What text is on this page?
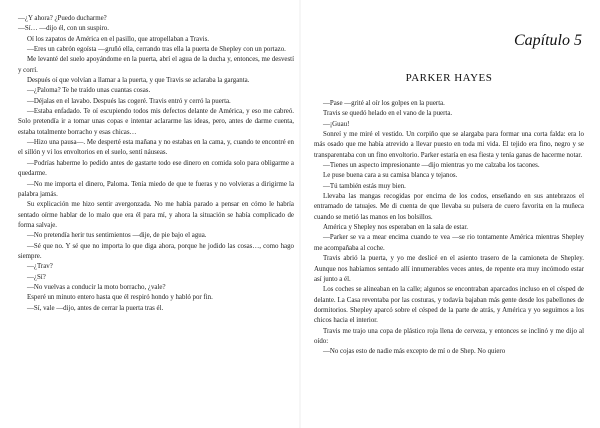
—¿Y ahora? ¿Puedo ducharme?

—Sí… —dijo él, con un suspiro.

Oí los zapatos de América en el pasillo, que atropellaban a Travis.

—Eres un cabrón egoísta —gruñó ella, cerrando tras ella la puerta de Shepley con un portazo.

Me levanté del suelo apoyándome en la puerta, abrí el agua de la ducha y, entonces, me desvestí y corrí.

Después oí que volvían a llamar a la puerta, y que Travis se aclaraba la garganta.

—¿Paloma? Te he traído unas cuantas cosas.

—Déjalas en el lavabo. Después las cogeré. Travis entró y cerró la puerta.

—Estaba enfadado. Te oí escupiendo todos mis defectos delante de América, y eso me cabreó. Solo pretendía ir a tomar unas copas e intentar aclararme las ideas, pero, antes de darme cuenta, estaba totalmente borracho y esas chicas…

—Hizo una pausa—. Me desperté esta mañana y no estabas en la cama, y, cuando te encontré en el sillón y vi los envoltorios en el suelo, sentí náuseas.

—Podrías haberme lo pedido antes de gastarte todo ese dinero en comida solo para obligarme a quedarme.

—No me importa el dinero, Paloma. Tenía miedo de que te fueras y no volvieras a dirigirme la palabra jamás.

Su explicación me hizo sentir avergonzada. No me había parado a pensar en cómo le habría sentado oírme hablar de lo malo que era él para mí, y ahora la situación se había complicado de forma salvaje.

—No pretendía herir tus sentimientos —dije, de pie bajo el agua.

—Sé que no. Y sé que no importa lo que diga ahora, porque he jodido las cosas…, como hago siempre.

—¿Trav?

—¿Sí?

—No vuelvas a conducir la moto borracho, ¿vale?

Esperé un minuto entero hasta que él respiró hondo y habló por fin.

—Sí, vale —dijo, antes de cerrar la puerta tras él.

Capítulo 5
PARKER HAYES

—Pase —grité al oír los golpes en la puerta.

Travis se quedó helado en el vano de la puerta.

—¡Guau!

Sonreí y me miré el vestido. Un corpiño que se alargaba para formar una corta falda: era lo más osado que me había atrevido a llevar puesto en toda mi vida. El tejido era fino, negro y se transparentaba con un fino envoltorio. Parker estaría en esa fiesta y tenía ganas de hacerme notar.

—Tienes un aspecto impresionante —dijo mientras yo me calzaba los tacones.

Le puse buena cara a su camisa blanca y tejanos.

—Tú también estás muy bien.

Llevaba las mangas recogidas por encima de los codos, enseñando en sus antebrazos el entramado de tatuajes. Me di cuenta de que llevaba su pulsera de cuero favorita en la muñeca cuando se metió las manos en los bolsillos.

América y Shepley nos esperaban en la sala de estar.

—Parker se va a mear encima cuando te vea —se rio tontamente América mientras Shepley me acompañaba al coche.

Travis abrió la puerta, y yo me deslicé en el asiento trasero de la camioneta de Shepley. Aunque nos habíamos sentado allí innumerables veces antes, de repente era muy incómodo estar así junto a él.

Los coches se alineaban en la calle; algunos se encontraban aparcados incluso en el césped de delante. La Casa reventaba por las costuras, y todavía bajaban más gente desde los pabellones de dormitorios. Shepley aparcó sobre el césped de la parte de atrás, y América y yo seguimos a los chicos hacia el interior.

Travis me trajo una copa de plástico roja llena de cerveza, y entonces se inclinó y me dijo al oído:

—No cojas esto de nadie más excepto de mí o de Shep. No quiero
